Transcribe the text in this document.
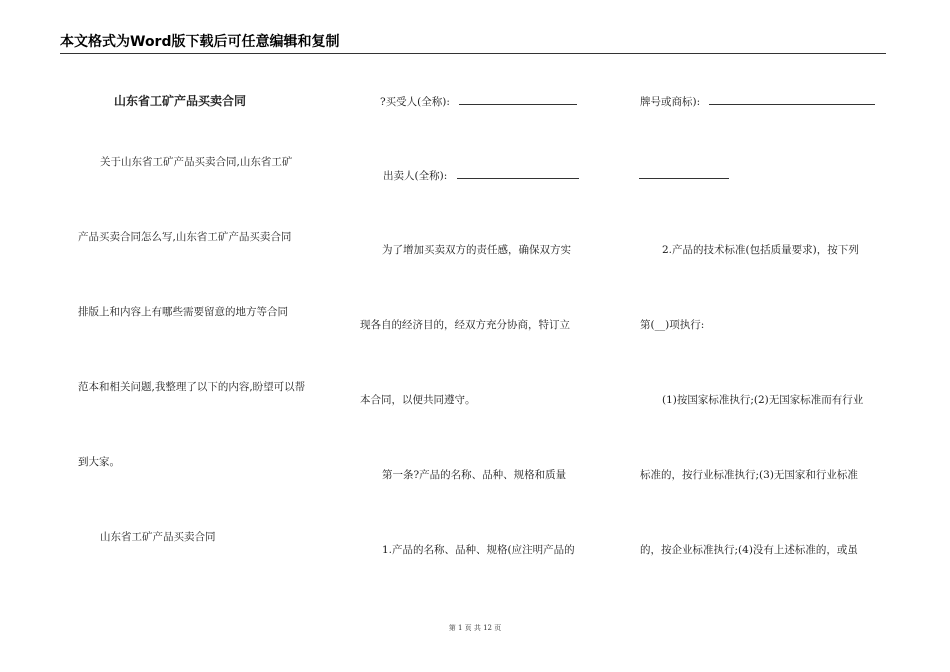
本文格式为Word版下载后可任意编辑和复制
山东省工矿产品买卖合同
关于山东省工矿产品买卖合同,山东省工矿
产品买卖合同怎么写,山东省工矿产品买卖合同
排版上和内容上有哪些需要留意的地方等合同
范本和相关问题,我整理了以下的内容,盼望可以帮
到大家。
山东省工矿产品买卖合同
?买受人(全称):
出卖人(全称):
为了增加买卖双方的责任感，确保双方实
现各自的经济目的，经双方充分协商，特订立
本合同，以便共同遵守。
第一条?产品的名称、品种、规格和质量
1.产品的名称、品种、规格(应注明产品的
牌号或商标):
2.产品的技术标准(包括质量要求)，按下列
第(__)项执行:
(1)按国家标准执行;(2)无国家标准而有行业
标准的，按行业标准执行;(3)无国家和行业标准
的，按企业标准执行;(4)没有上述标准的，或虽
第 1 页 共 12 页
